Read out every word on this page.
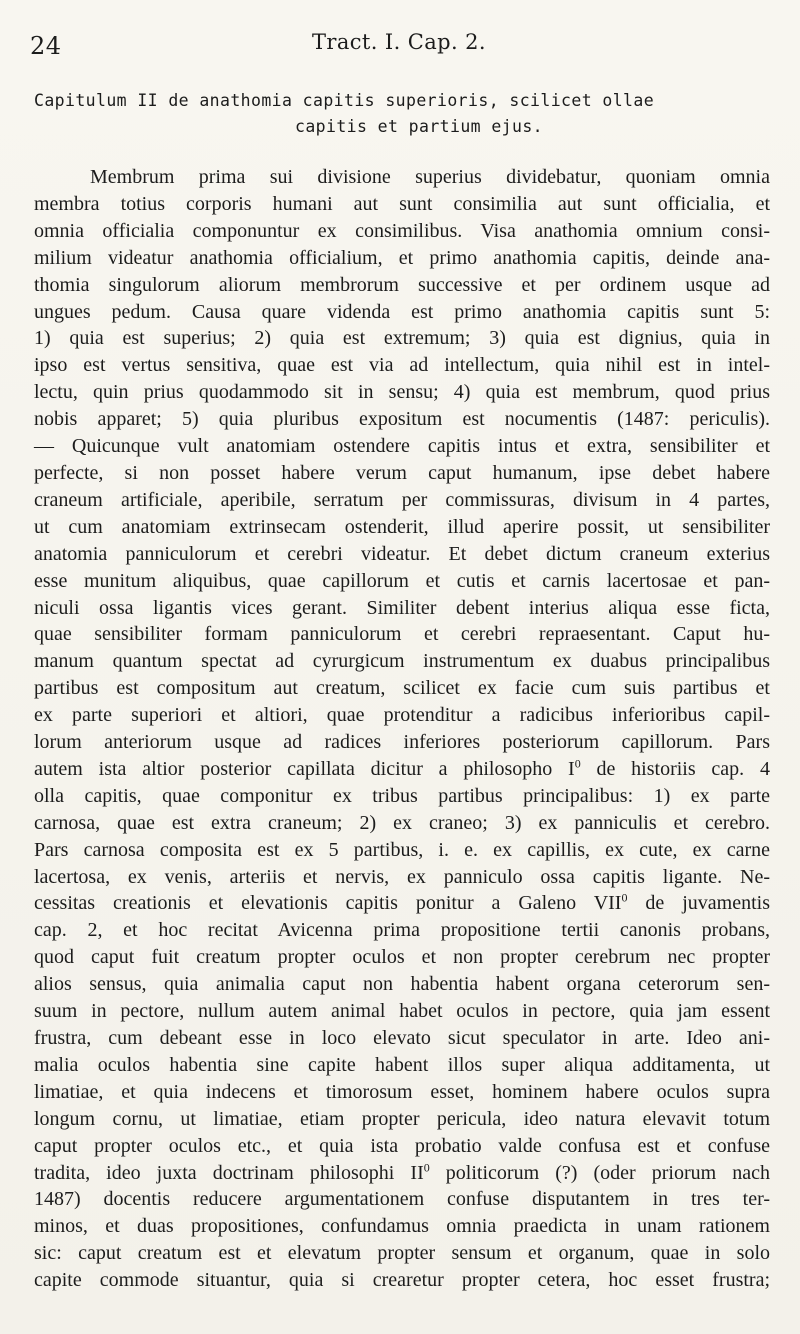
24	Tract. I. Cap. 2.
Capitulum II de anathomia capitis superioris, scilicet ollae
capitis et partium ejus.
Membrum prima sui divisione superius dividebatur, quoniam omnia
membra totius corporis humani aut sunt consimilia aut sunt officialia, et
omnia officialia componuntur ex consimilibus. Visa anathomia omnium consi-
milium videatur anathomia officialium, et primo anathomia capitis, deinde ana-
thomia singulorum aliorum membrorum successive et per ordinem usque ad
ungues pedum. Causa quare videnda est primo anathomia capitis sunt 5:
1) quia est superius; 2) quia est extremum; 3) quia est dignius, quia in
ipso est vertus sensitiva, quae est via ad intellectum, quia nihil est in intel-
lectu, quin prius quodammodo sit in sensu; 4) quia est membrum, quod prius
nobis apparet; 5) quia pluribus expositum est nocumentis (1487: periculis).
— Quicunque vult anatomiam ostendere capitis intus et extra, sensibiliter et
perfecte, si non posset habere verum caput humanum, ipse debet habere
craneum artificiale, aperibile, serratum per commissuras, divisum in 4 partes,
ut cum anatomiam extrinsecam ostenderit, illud aperire possit, ut sensibiliter
anatomia panniculorum et cerebri videatur. Et debet dictum craneum exterius
esse munitum aliquibus, quae capillorum et cutis et carnis lacertosae et pan-
niculi ossa ligantis vices gerant. Similiter debent interius aliqua esse ficta,
quae sensibiliter formam panniculorum et cerebri repraesentant. Caput hu-
manum quantum spectat ad cyrurgicum instrumentum ex duabus principalibus
partibus est compositum aut creatum, scilicet ex facie cum suis partibus et
ex parte superiori et altiori, quae protenditur a radicibus inferioribus capil-
lorum anteriorum usque ad radices inferiores posteriorum capillorum. Pars
autem ista altior posterior capillata dicitur a philosopho $I^0$ de historiis cap. 4
olla capitis, quae componitur ex tribus partibus principalibus: 1) ex parte
carnosa, quae est extra craneum; 2) ex craneo; 3) ex panniculis et cerebro.
Pars carnosa composita est ex 5 partibus, i. e. ex capillis, ex cute, ex carne
lacertosa, ex venis, arteriis et nervis, ex panniculo ossa capitis ligante. Ne-
cessitas creationis et elevationis capitis ponitur a Galeno VII$^0$ de juvamentis
cap. 2, et hoc recitat Avicenna prima propositione tertii canonis probans,
quod caput fuit creatum propter oculos et non propter cerebrum nec propter
alios sensus, quia animalia caput non habentia habent organa ceterorum sen-
suum in pectore, nullum autem animal habet oculos in pectore, quia jam essent
frustra, cum debeant esse in loco elevato sicut speculator in arte. Ideo ani-
malia oculos habentia sine capite habent illos super aliqua additamenta, ut
limatiae, et quia indecens et timorosum esset, hominem habere oculos supra
longum cornu, ut limatiae, etiam propter pericula, ideo natura elevavit totum
caput propter oculos etc., et quia ista probatio valde confusa est et confuse
tradita, ideo juxta doctrinam philosophi $II^0$ politicorum (?) (oder priorum nach
1487) docentis reducere argumentationem confuse disputantem in tres ter-
minos, et duas propositiones, confundamus omnia praedicta in unam rationem
sic: caput creatum est et elevatum propter sensum et organum, quae in solo
capite commode situantur, quia si crearetur propter cetera, hoc esset frustra;
